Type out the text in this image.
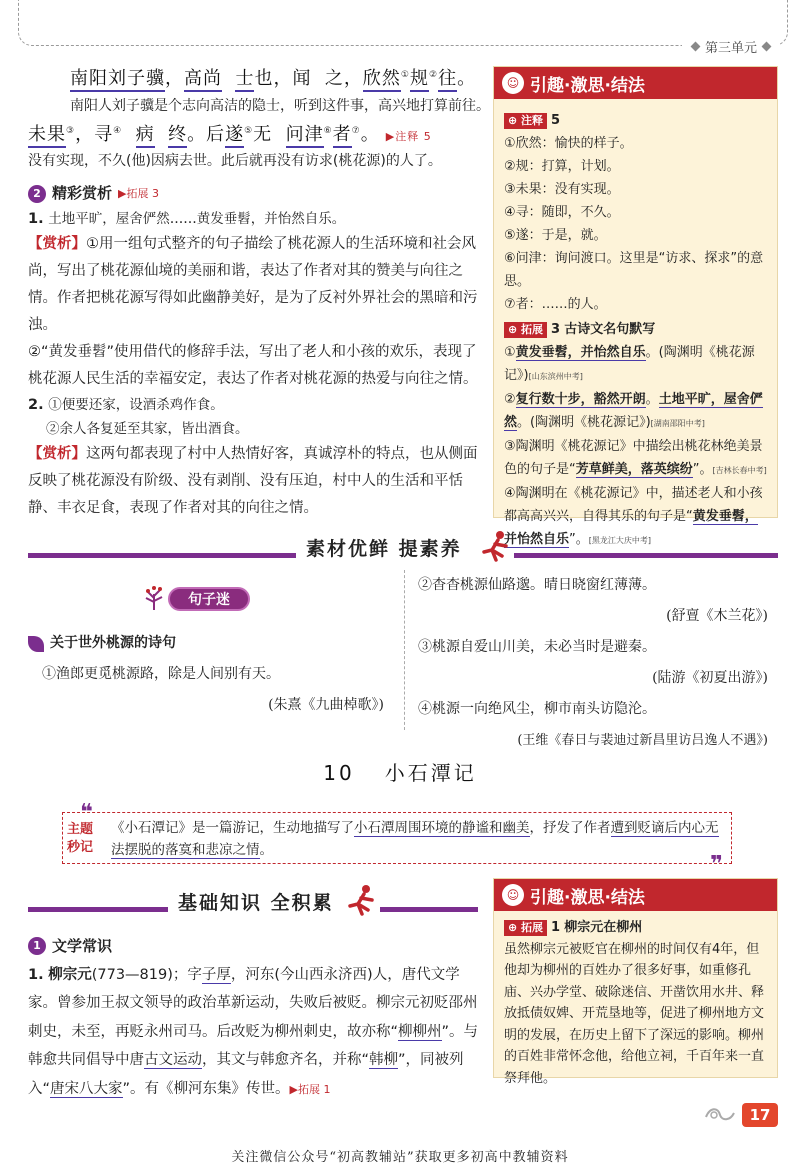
第三单元
南阳刘子骥，高尚 士也，闻 之，欣然①规②往。
南阳人刘子骥是个志向高洁的隐士，听到这件事，高兴地打算前往。
未果③，寻④ 病 终。后遂⑤无 问津⑥者⑦。 ▶注释 5
没有实现，不久(他)因病去世。此后就再没有访求(桃花源)的人了。
☺ 引趣·激思·结法
⊕ 注释 5
①欣然：愉快的样子。
②规：打算，计划。
③未果：没有实现。
④寻：随即，不久。
⑤遂：于是，就。
⑥问津：询问渡口。这里是“访求、探求”的意思。
⑦者：……的人。
⊕ 拓展 3 古诗文名句默写
①黄发垂髫，并怡然自乐。(陶渊明《桃花源记》)[山东滨州中考]
②复行数十步，豁然开朗。土地平旷，屋舍俨然。(陶渊明《桃花源记》)[湖南邵阳中考]
③陶渊明《桃花源记》中描绘出桃花林绝美景色的句子是“芳草鲜美，落英缤纷”。[吉林长春中考]
④陶渊明在《桃花源记》中，描述老人和小孩都高高兴兴，自得其乐的句子是“黄发垂髫，并怡然自乐”。[黑龙江大庆中考]
2 精彩赏析 ▶拓展 3
1. 土地平旷，屋舍俨然……黄发垂髫，并怡然自乐。
【赏析】①用一组句式整齐的句子描绘了桃花源人的生活环境和社会风尚，写出了桃花源仙境的美丽和谐，表达了作者对其的赞美与向往之情。作者把桃花源写得如此幽静美好，是为了反衬外界社会的黑暗和污浊。
②“黄发垂髫”使用借代的修辞手法，写出了老人和小孩的欢乐，表现了桃花源人民生活的幸福安定，表达了作者对桃花源的热爱与向往之情。
2. ①便要还家，设酒杀鸡作食。
②余人各复延至其家，皆出酒食。
【赏析】这两句都表现了村中人热情好客，真诚淳朴的特点，也从侧面反映了桃花源没有阶级、没有剥削、没有压迫，村中人的生活和平恬静、丰衣足食，表现了作者对其的向往之情。
素材优鲜 提素养
句子迷
关于世外桃源的诗句
①渔郎更觅桃源路，除是人间别有天。
(朱熹《九曲棹歌》)
②杳杳桃源仙路邈。晴日晓窗红薄薄。
(舒亶《木兰花》)
③桃源自爱山川美，未必当时是避秦。
(陆游《初夏出游》)
④桃源一向绝风尘，柳市南头访隐沦。
(王维《春日与裴迪过新昌里访吕逸人不遇》)
10 小石潭记
❝
主题秒记
《小石潭记》是一篇游记，生动地描写了小石潭周围环境的静谧和幽美，抒发了作者遭到贬谪后内心无法摆脱的落寞和悲凉之情。
❞
基础知识 全积累
1 文学常识
1. 柳宗元(773—819)；字子厚，河东(今山西永济西)人，唐代文学家。曾参加王叔文领导的政治革新运动，失败后被贬。柳宗元初贬邵州刺史，未至，再贬永州司马。后改贬为柳州刺史，故亦称“柳柳州”。与韩愈共同倡导中唐古文运动，其文与韩愈齐名，并称“韩柳”，同被列入“唐宋八大家”。有《柳河东集》传世。▶拓展 1
☺ 引趣·激思·结法
⊕ 拓展 1 柳宗元在柳州
虽然柳宗元被贬官在柳州的时间仅有4年，但他却为柳州的百姓办了很多好事，如重修孔庙、兴办学堂、破除迷信、开凿饮用水井、释放抵债奴婢、开荒垦地等，促进了柳州地方文明的发展，在历史上留下了深远的影响。柳州的百姓非常怀念他，给他立祠，千百年来一直祭拜他。
17
关注微信公众号“初高教辅站”获取更多初高中教辅资料
